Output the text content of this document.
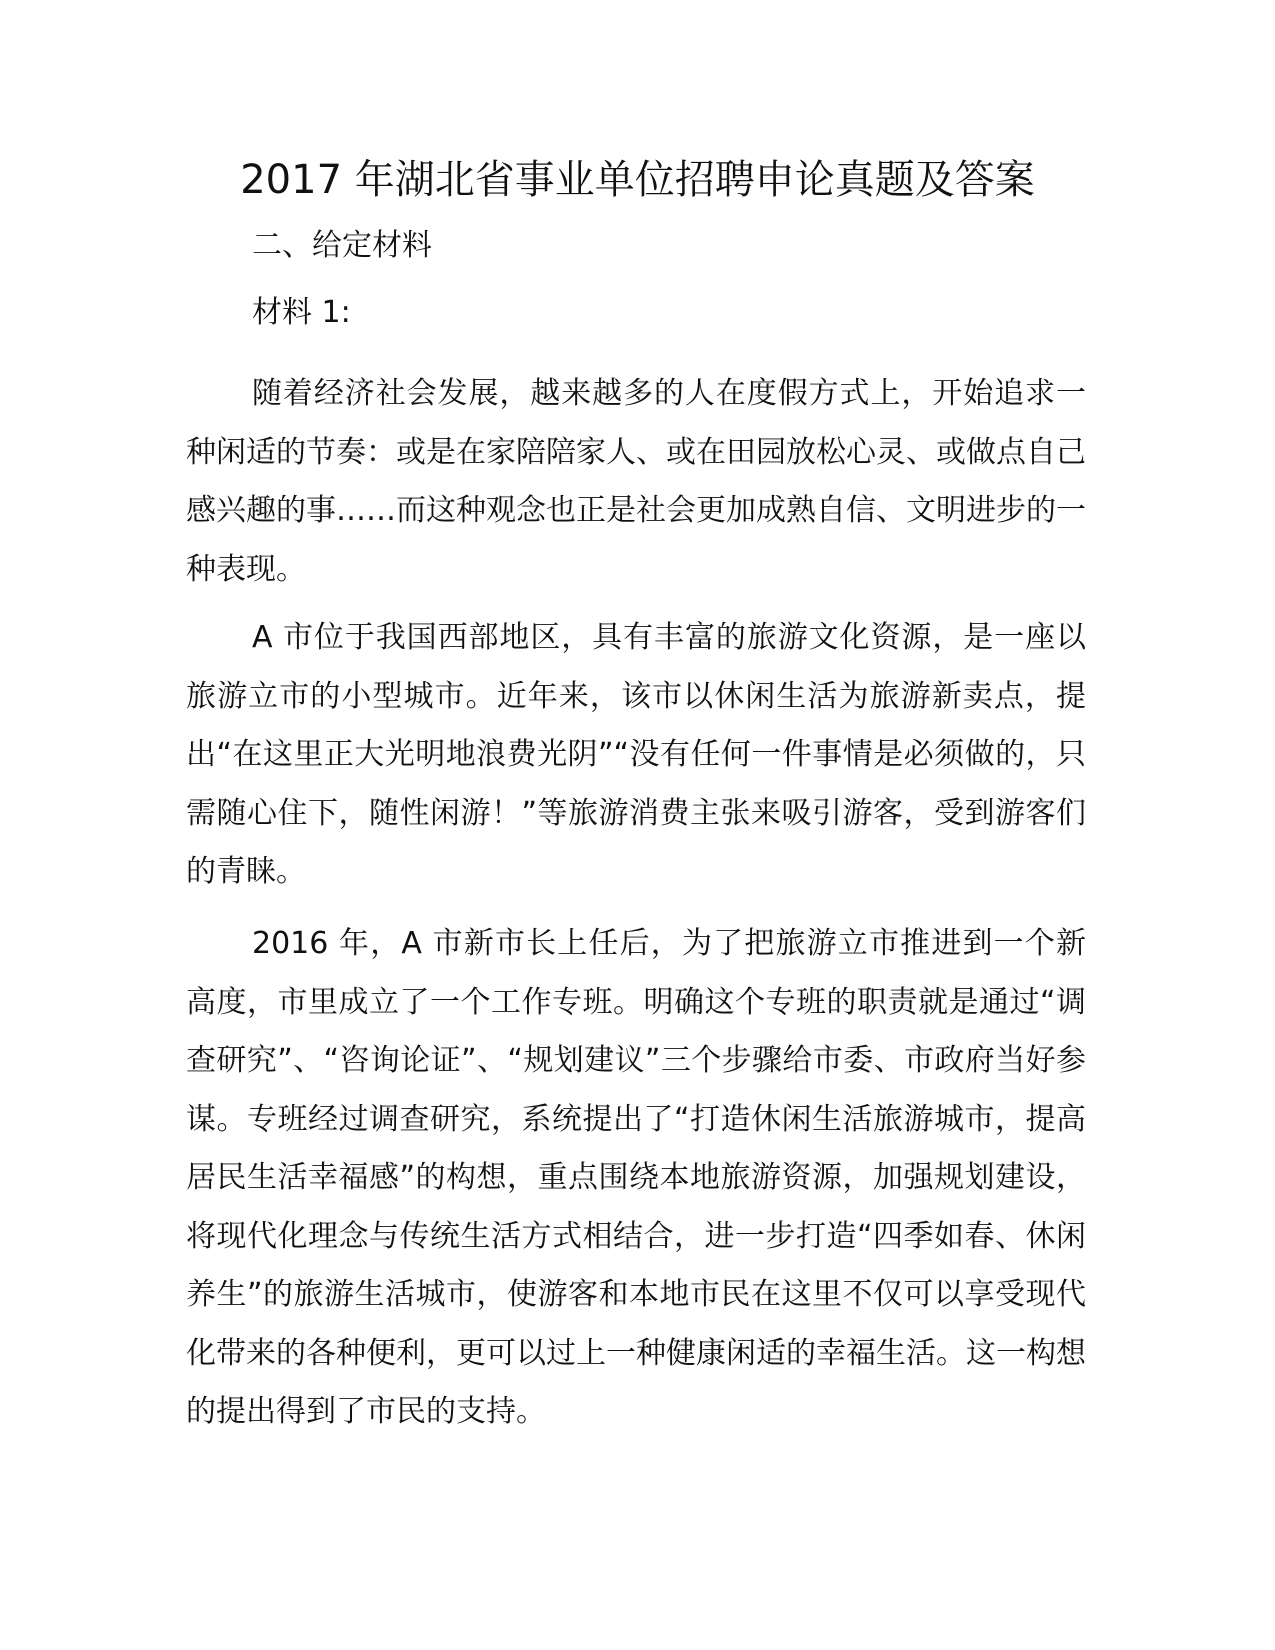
2017 年湖北省事业单位招聘申论真题及答案
二、给定材料
材料 1:

随着经济社会发展，越来越多的人在度假方式上，开始追求一种闲适的节奏：或是在家陪陪家人、或在田园放松心灵、或做点自己感兴趣的事……而这种观念也正是社会更加成熟自信、文明进步的一种表现。

A 市位于我国西部地区，具有丰富的旅游文化资源，是一座以旅游立市的小型城市。近年来，该市以休闲生活为旅游新卖点，提出“在这里正大光明地浪费光阴”“没有任何一件事情是必须做的，只需随心住下，随性闲游！”等旅游消费主张来吸引游客，受到游客们的青睐。

2016 年，A 市新市长上任后，为了把旅游立市推进到一个新高度，市里成立了一个工作专班。明确这个专班的职责就是通过“调查研究”、“咨询论证”、“规划建议”三个步骤给市委、市政府当好参谋。专班经过调查研究，系统提出了“打造休闲生活旅游城市，提高居民生活幸福感”的构想，重点围绕本地旅游资源，加强规划建设，将现代化理念与传统生活方式相结合，进一步打造“四季如春、休闲养生”的旅游生活城市，使游客和本地市民在这里不仅可以享受现代化带来的各种便利，更可以过上一种健康闲适的幸福生活。这一构想的提出得到了市民的支持。
